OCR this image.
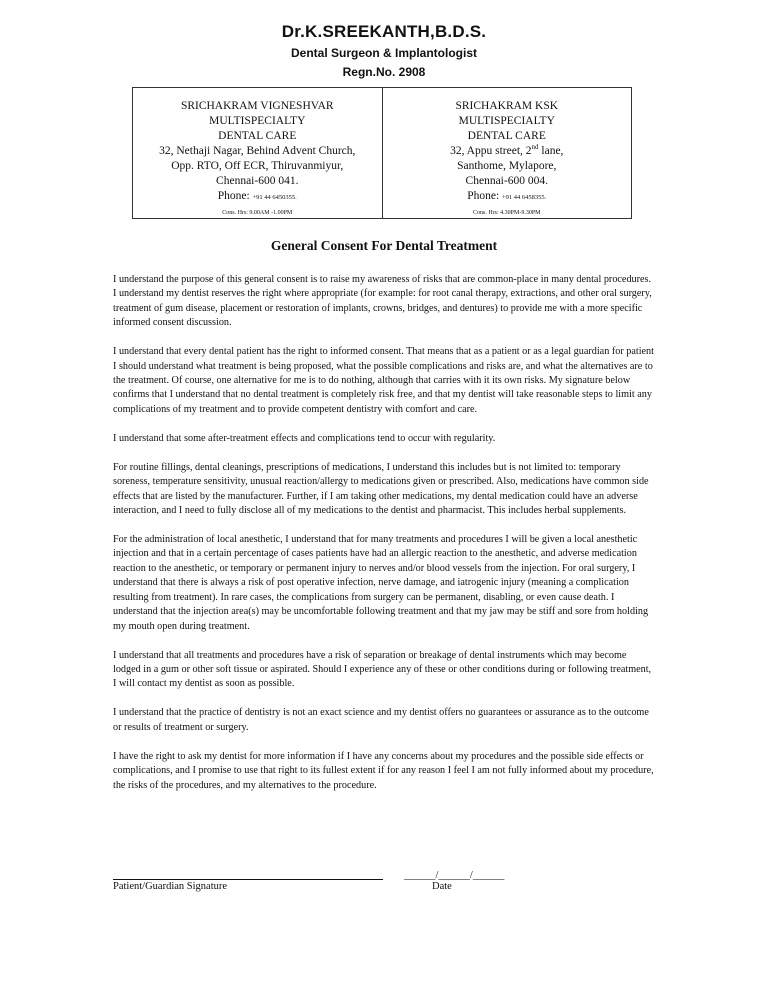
Dr.K.SREEKANTH,B.D.S.
Dental Surgeon & Implantologist
Regn.No. 2908
SRICHAKRAM VIGNESHVAR
MULTISPECIALTY
DENTAL CARE
32, Nethaji Nagar, Behind Advent Church,
Opp. RTO, Off ECR, Thiruvanmiyur,
Chennai-600 041.
Phone: +91 44 6450355.
Cons. Hrs: 9.00AM -1.00PM
SRICHAKRAM KSK
MULTISPECIALTY
DENTAL CARE
32, Appu street, 2nd lane,
Santhome, Mylapore,
Chennai-600 004.
Phone: +91 44 6458355.
Cons. Hrs: 4.30PM-9.30PM
General Consent For Dental Treatment

I understand the purpose of this general consent is to raise my awareness of risks that are common-place in many dental procedures. I understand my dentist reserves the right where appropriate (for example: for root canal therapy, extractions, and other oral surgery, treatment of gum disease, placement or restoration of implants, crowns, bridges, and dentures) to provide me with a more specific informed consent discussion.

I understand that every dental patient has the right to informed consent. That means that as a patient or as a legal guardian for patient I should understand what treatment is being proposed, what the possible complications and risks are, and what the alternatives are to the treatment. Of course, one alternative for me is to do nothing, although that carries with it its own risks. My signature below confirms that I understand that no dental treatment is completely risk free, and that my dentist will take reasonable steps to limit any complications of my treatment and to provide competent dentistry with comfort and care.

I understand that some after-treatment effects and complications tend to occur with regularity.

For routine fillings, dental cleanings, prescriptions of medications, I understand this includes but is not limited to: temporary soreness, temperature sensitivity, unusual reaction/allergy to medications given or prescribed. Also, medications have common side effects that are listed by the manufacturer. Further, if I am taking other medications, my dental medication could have an adverse interaction, and I need to fully disclose all of my medications to the dentist and pharmacist. This includes herbal supplements.

For the administration of local anesthetic, I understand that for many treatments and procedures I will be given a local anesthetic injection and that in a certain percentage of cases patients have had an allergic reaction to the anesthetic, and adverse medication reaction to the anesthetic, or temporary or permanent injury to nerves and/or blood vessels from the injection. For oral surgery, I understand that there is always a risk of post operative infection, nerve damage, and iatrogenic injury (meaning a complication resulting from treatment). In rare cases, the complications from surgery can be permanent, disabling, or even cause death. I understand that the injection area(s) may be uncomfortable following treatment and that my jaw may be stiff and sore from holding my mouth open during treatment.

I understand that all treatments and procedures have a risk of separation or breakage of dental instruments which may become lodged in a gum or other soft tissue or aspirated. Should I experience any of these or other conditions during or following treatment, I will contact my dentist as soon as possible.

I understand that the practice of dentistry is not an exact science and my dentist offers no guarantees or assurance as to the outcome or results of treatment or surgery.

I have the right to ask my dentist for more information if I have any concerns about my procedures and the possible side effects or complications, and I promise to use that right to its fullest extent if for any reason I feel I am not fully informed about my procedure, the risks of the procedures, and my alternatives to the procedure.

Patient/Guardian Signature
______/______/______
Date
